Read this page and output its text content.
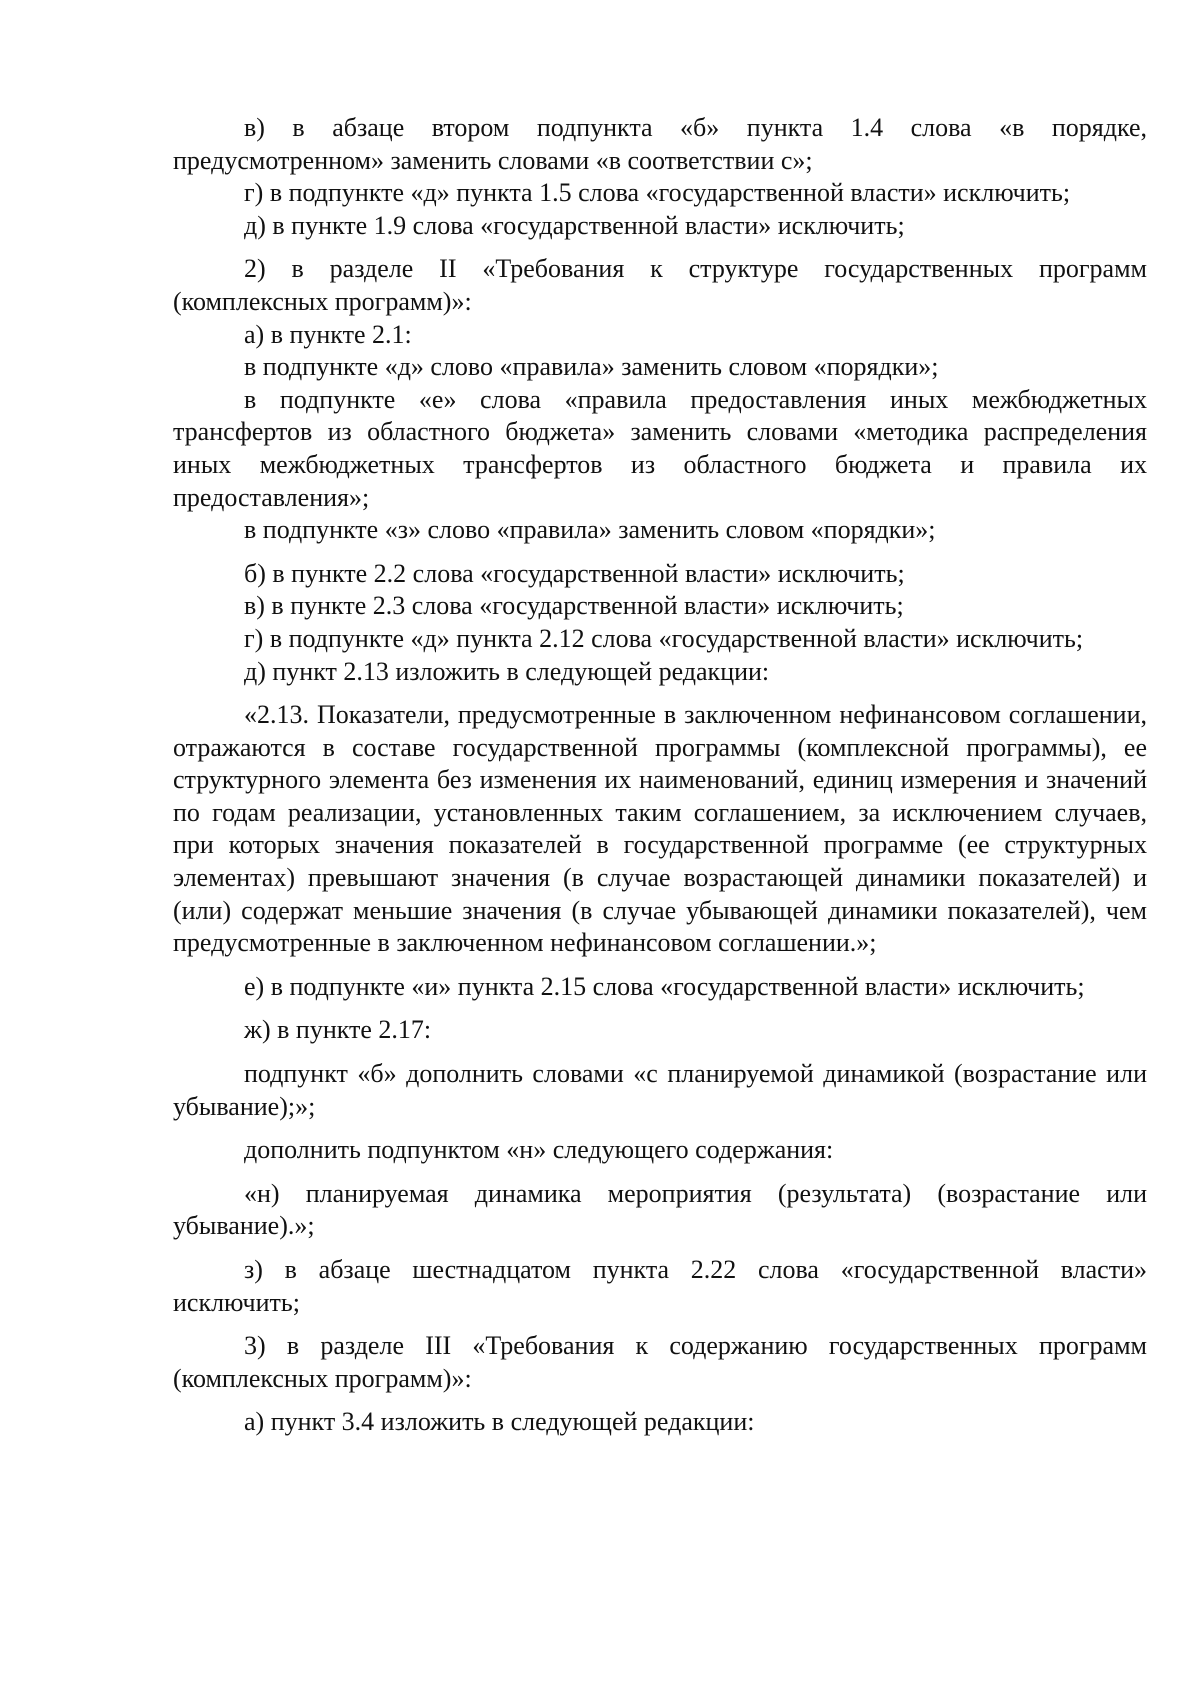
в) в абзаце втором подпункта «б» пункта 1.4 слова «в порядке, предусмотренном» заменить словами «в соответствии с»;

г) в подпункте «д» пункта 1.5 слова «государственной власти» исключить;

д) в пункте 1.9 слова «государственной власти» исключить;

2) в разделе II «Требования к структуре государственных программ (комплексных программ)»:

а) в пункте 2.1:

в подпункте «д» слово «правила» заменить словом «порядки»;

в подпункте «е» слова «правила предоставления иных межбюджетных трансфертов из областного бюджета» заменить словами «методика распределения иных межбюджетных трансфертов из областного бюджета и правила их предоставления»;

в подпункте «з» слово «правила» заменить словом «порядки»;

б) в пункте 2.2 слова «государственной власти» исключить;

в) в пункте 2.3 слова «государственной власти» исключить;

г) в подпункте «д» пункта 2.12 слова «государственной власти» исключить;

д) пункт 2.13 изложить в следующей редакции:

«2.13. Показатели, предусмотренные в заключенном нефинансовом соглашении, отражаются в составе государственной программы (комплексной программы), ее структурного элемента без изменения их наименований, единиц измерения и значений по годам реализации, установленных таким соглашением, за исключением случаев, при которых значения показателей в государственной программе (ее структурных элементах) превышают значения (в случае возрастающей динамики показателей) и (или) содержат меньшие значения (в случае убывающей динамики показателей), чем предусмотренные в заключенном нефинансовом соглашении.»;

е) в подпункте «и» пункта 2.15 слова «государственной власти» исключить;

ж) в пункте 2.17:

подпункт «б» дополнить словами «с планируемой динамикой (возрастание или убывание);»;

дополнить подпунктом «н» следующего содержания:

«н) планируемая динамика мероприятия (результата) (возрастание или убывание).»;

з) в абзаце шестнадцатом пункта 2.22 слова «государственной власти» исключить;

3) в разделе III «Требования к содержанию государственных программ (комплексных программ)»:

а) пункт 3.4 изложить в следующей редакции:
